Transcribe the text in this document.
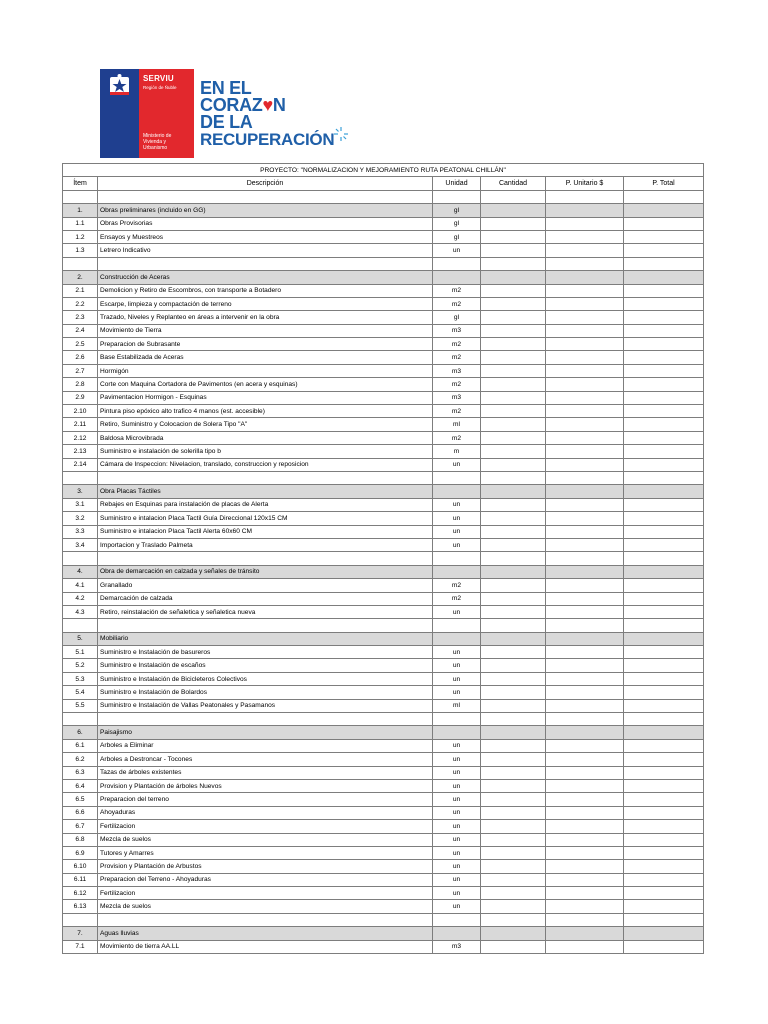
SERVIU
Región de Ñuble
Ministerio de Vivienda y Urbanismo
EN EL
CORAZ♥N
DE LA
RECUPERACIÓN
PROYECTO: "NORMALIZACION Y MEJORAMIENTO RUTA PEATONAL CHILLÁN"					
Ítem	Descripción	Unidad	Cantidad	P. Unitario $	P. Total

1.	Obras preliminares (incluido en GG)	gl			
1.1	Obras Provisorias	gl			
1.2	Ensayos y Muestreos	gl			
1.3	Letrero Indicativo	un			

2.	Construcción de Aceras				
2.1	Demolicion y Retiro de Escombros, con transporte a Botadero	m2			
2.2	Escarpe, limpieza y compactación de terreno	m2			
2.3	Trazado, Niveles y Replanteo en áreas a intervenir en la obra	gl			
2.4	Movimiento de Tierra	m3			
2.5	Preparacion de Subrasante	m2			
2.6	Base Estabilizada de Aceras	m2			
2.7	Hormigón	m3			
2.8	Corte con Maquina Cortadora de Pavimentos (en acera y esquinas)	m2			
2.9	Pavimentacion Hormigon - Esquinas	m3			
2.10	Pintura piso epóxico alto trafico 4 manos (est. accesible)	m2			
2.11	Retiro, Suministro y Colocacion de Solera Tipo "A"	ml			
2.12	Baldosa Microvibrada	m2			
2.13	Suministro e instalación de solerilla tipo b	m			
2.14	Cámara de Inspeccion: Nivelacion, translado, construccion y reposicion	un			

3.	Obra Placas Táctiles				
3.1	Rebajes en Esquinas para instalación de placas de Alerta	un			
3.2	Suministro e intalacion Placa Tactil Guía Direccional 120x15 CM	un			
3.3	Suministro e intalacion Placa Tactil Alerta 60x60 CM	un			
3.4	Importacion y Traslado Palmeta	un			

4.	Obra de demarcación en calzada y señales de tránsito				
4.1	Granallado	m2			
4.2	Demarcación de calzada	m2			
4.3	Retiro, reinstalación de señaletica y señaletica nueva	un			

5.	Mobiliario				
5.1	Suministro e Instalación de basureros	un			
5.2	Suministro e Instalación de escaños	un			
5.3	Suministro e Instalación de Bicicleteros Colectivos	un			
5.4	Suministro e Instalación de Bolardos	un			
5.5	Suministro e Instalación de Vallas Peatonales y Pasamanos	ml			

6.	Paisajismo				
6.1	Arboles a Eliminar	un			
6.2	Arboles a Destroncar - Tocones	un			
6.3	Tazas de árboles existentes	un			
6.4	Provision y Plantación de árboles Nuevos	un			
6.5	Preparacion del terreno	un			
6.6	Ahoyaduras	un			
6.7	Fertilizacion	un			
6.8	Mezcla de suelos	un			
6.9	Tutores y Amarres	un			
6.10	Provision y Plantación de Arbustos	un			
6.11	Preparacion del Terreno - Ahoyaduras	un			
6.12	Fertilizacion	un			
6.13	Mezcla de suelos	un			

7.	Aguas lluvias				
7.1	Movimiento de tierra AA.LL	m3			
